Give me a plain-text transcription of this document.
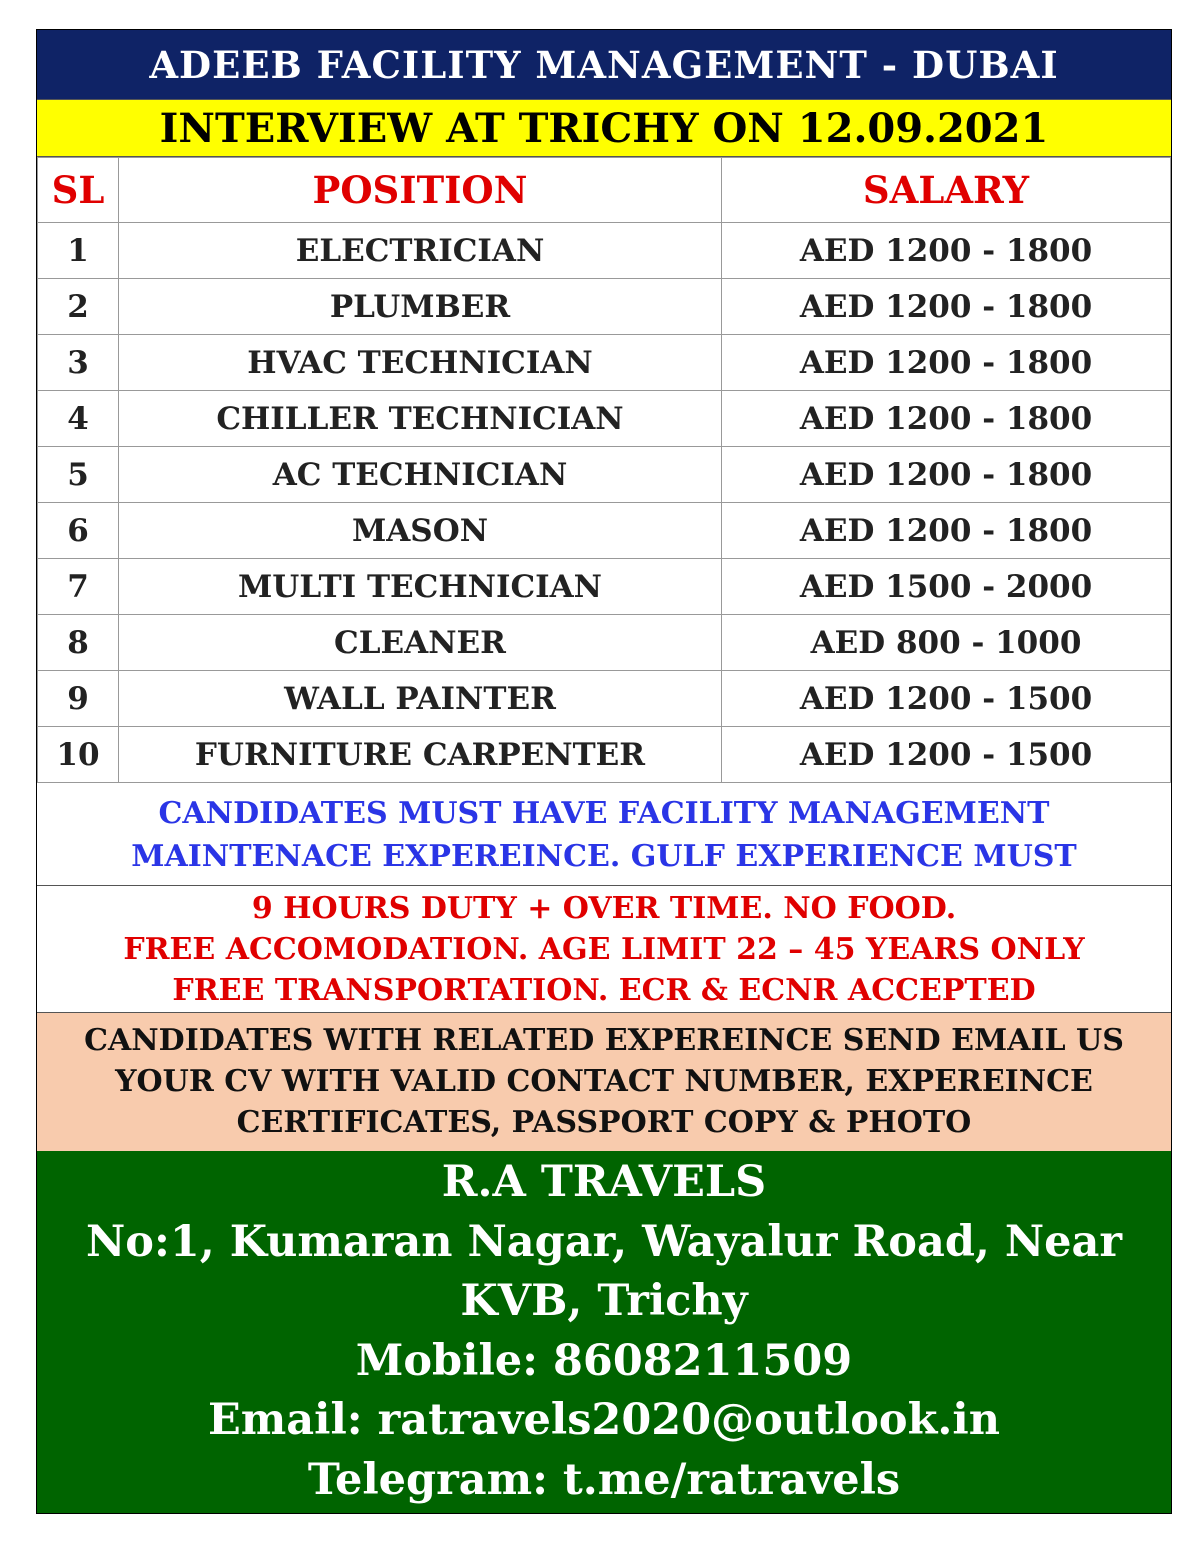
ADEEB FACILITY MANAGEMENT - DUBAI
INTERVIEW AT TRICHY ON 12.09.2021
SL	POSITION	SALARY
1	ELECTRICIAN	AED 1200 - 1800
2	PLUMBER	AED 1200 - 1800
3	HVAC TECHNICIAN	AED 1200 - 1800
4	CHILLER TECHNICIAN	AED 1200 - 1800
5	AC TECHNICIAN	AED 1200 - 1800
6	MASON	AED 1200 - 1800
7	MULTI TECHNICIAN	AED 1500 - 2000
8	CLEANER	AED 800 - 1000
9	WALL PAINTER	AED 1200 - 1500
10	FURNITURE CARPENTER	AED 1200 - 1500
CANDIDATES MUST HAVE FACILITY MANAGEMENT
MAINTENACE EXPEREINCE. GULF EXPERIENCE MUST
9 HOURS DUTY + OVER TIME. NO FOOD.
FREE ACCOMODATION. AGE LIMIT 22 – 45 YEARS ONLY
FREE TRANSPORTATION. ECR & ECNR ACCEPTED
CANDIDATES WITH RELATED EXPEREINCE SEND EMAIL US
YOUR CV WITH VALID CONTACT NUMBER, EXPEREINCE
CERTIFICATES, PASSPORT COPY & PHOTO
R.A TRAVELS
No:1, Kumaran Nagar, Wayalur Road, Near
KVB, Trichy
Mobile: 8608211509
Email: ratravels2020@outlook.in
Telegram: t.me/ratravels
